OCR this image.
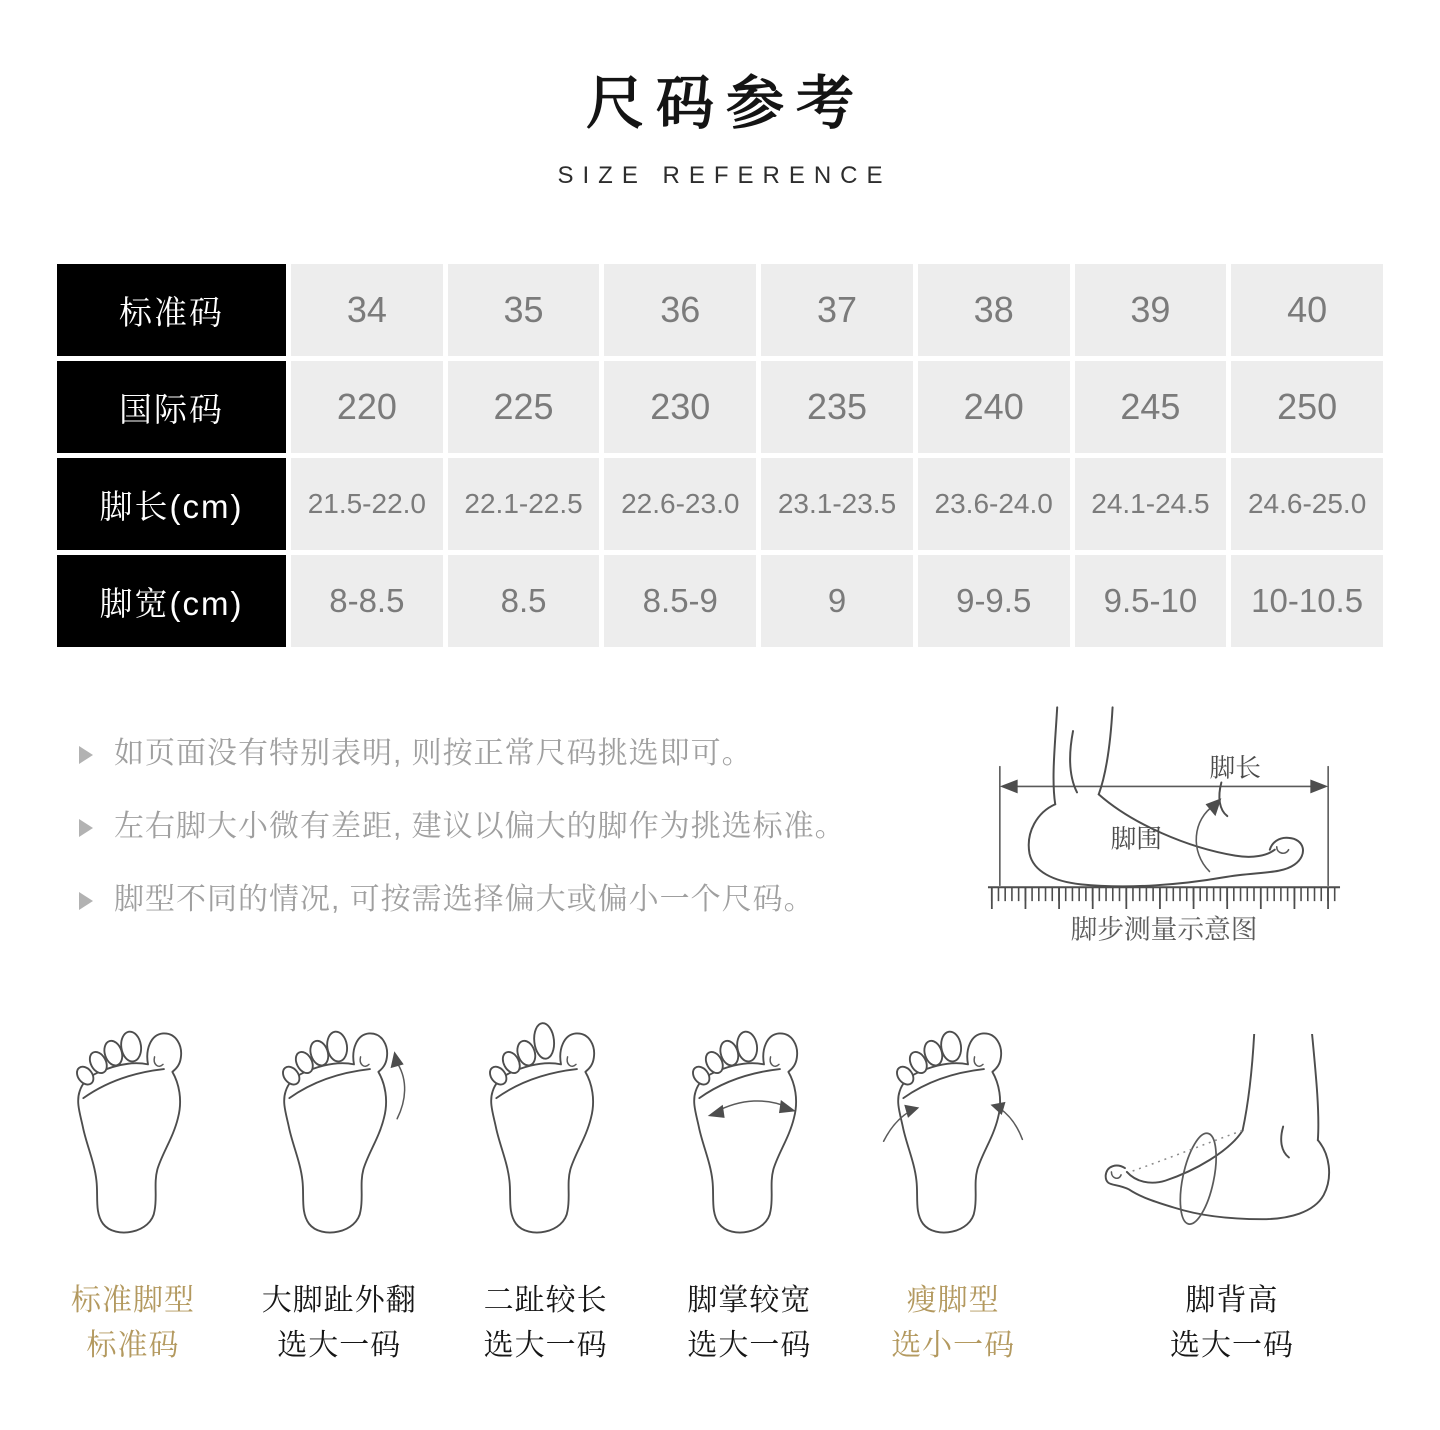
尺码参考
SIZE REFERENCE
标准码	34	35	36	37	38	39	40
国际码	220	225	230	235	240	245	250
脚长(cm)	21.5-22.0 22.1-22.5 22.6-23.0 23.1-23.5 23.6-24.0 24.1-24.5 24.6-25.0
脚宽(cm)	8-8.5	8.5	8.5-9	9	9-9.5 9.5-10 10-10.5
如页面没有特别表明, 则按正常尺码挑选即可。
左右脚大小微有差距, 建议以偏大的脚作为挑选标准。
脚型不同的情况, 可按需选择偏大或偏小一个尺码。
脚长
脚围
脚步测量示意图
标准脚型
标准码
大脚趾外翻
选大一码
二趾较长
选大一码
脚掌较宽
选大一码
瘦脚型
选小一码
脚背高
选大一码
